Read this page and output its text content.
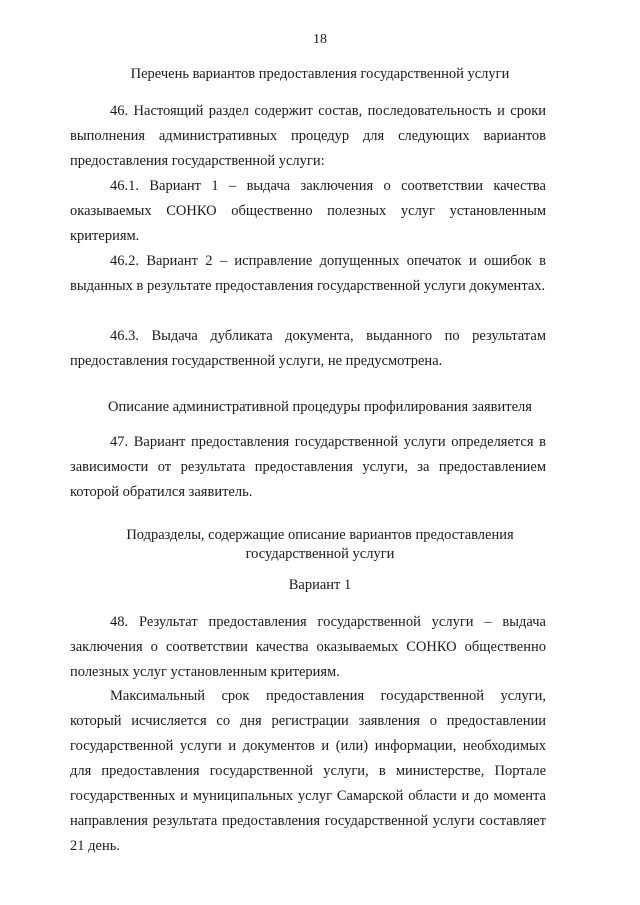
18
Перечень вариантов предоставления государственной услуги

46. Настоящий раздел содержит состав, последовательность и сроки выполнения административных процедур для следующих вариантов предоставления государственной услуги:

46.1. Вариант 1 – выдача заключения о соответствии качества оказываемых СОНКО общественно полезных услуг установленным критериям.

46.2. Вариант 2 – исправление допущенных опечаток и ошибок в выданных в результате предоставления государственной услуги документах.

46.3. Выдача дубликата документа, выданного по результатам предоставления государственной услуги, не предусмотрена.

Описание административной процедуры профилирования заявителя

47. Вариант предоставления государственной услуги определяется в зависимости от результата предоставления услуги, за предоставлением которой обратился заявитель.

Подразделы, содержащие описание вариантов предоставления
государственной услуги
Вариант 1

48. Результат предоставления государственной услуги – выдача заключения о соответствии качества оказываемых СОНКО общественно полезных услуг установленным критериям.

Максимальный срок предоставления государственной услуги, который исчисляется со дня регистрации заявления о предоставлении государственной услуги и документов и (или) информации, необходимых для предоставления государственной услуги, в министерстве, Портале государственных и муниципальных услуг Самарской области и до момента направления результата предоставления государственной услуги составляет 21 день.
